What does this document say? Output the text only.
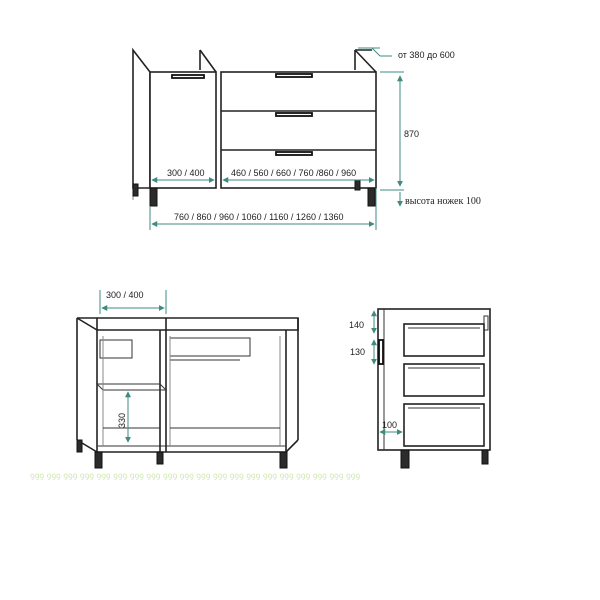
300 / 400	460 / 560 / 660 / 760 /860 / 960
760 / 860 / 960 / 1060 / 1160 / 1260 / 1360
от 380 до 600
870
высота ножек 100
300 / 400
330
140
130
100
ꝯꝯꝯ ꝯꝯꝯ ꝯꝯꝯ ꝯꝯꝯ ꝯꝯꝯ ꝯꝯꝯ ꝯꝯꝯ ꝯꝯꝯ ꝯꝯꝯ ꝯꝯꝯ ꝯꝯꝯ ꝯꝯꝯ ꝯꝯꝯ ꝯꝯꝯ ꝯꝯꝯ ꝯꝯꝯ ꝯꝯꝯ ꝯꝯꝯ ꝯꝯꝯ ꝯꝯꝯ
